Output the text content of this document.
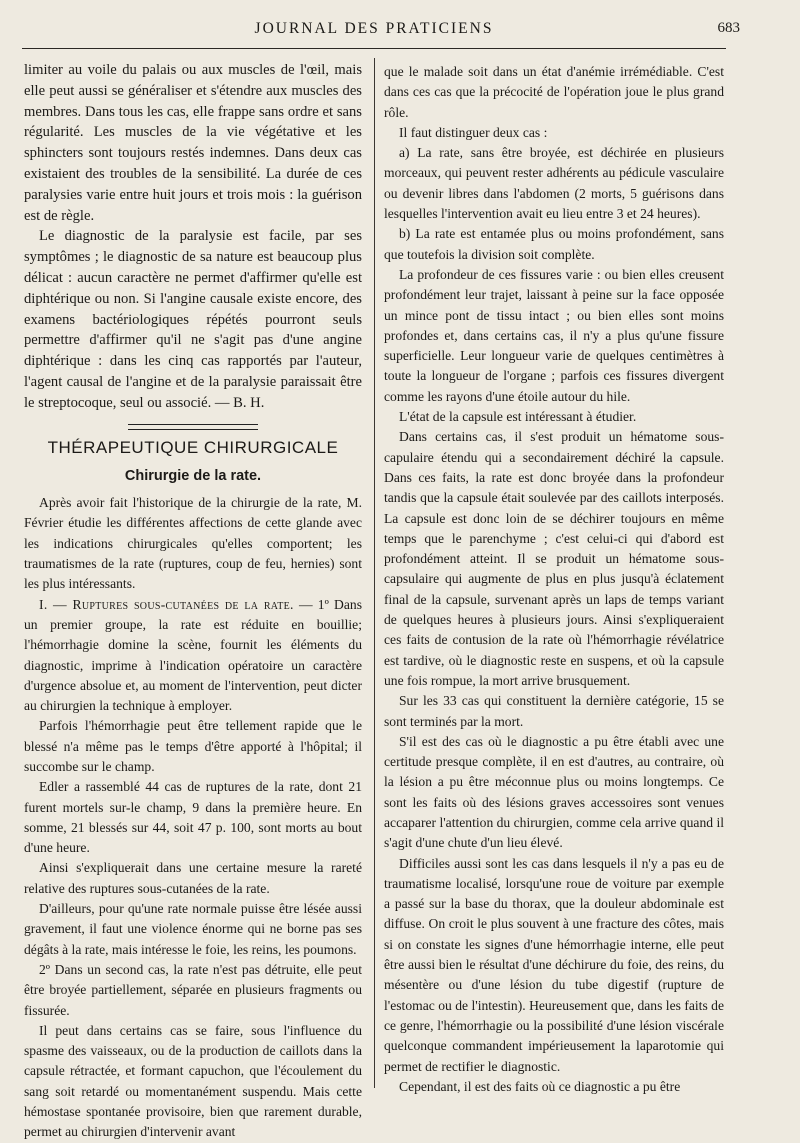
JOURNAL DES PRATICIENS	683

limiter au voile du palais ou aux muscles de l'œil, mais elle peut aussi se généraliser et s'étendre aux muscles des membres. Dans tous les cas, elle frappe sans ordre et sans régularité. Les muscles de la vie végétative et les sphincters sont toujours restés indemnes. Dans deux cas existaient des troubles de la sensibilité. La durée de ces paralysies varie entre huit jours et trois mois : la guérison est de règle.

Le diagnostic de la paralysie est facile, par ses symptômes ; le diagnostic de sa nature est beaucoup plus délicat : aucun caractère ne permet d'affirmer qu'elle est diphtérique ou non. Si l'angine causale existe encore, des examens bactériologiques répétés pourront seuls permettre d'affirmer qu'il ne s'agit pas d'une angine diphtérique : dans les cinq cas rapportés par l'auteur, l'agent causal de l'angine et de la paralysie paraissait être le streptocoque, seul ou associé. — B. H.

THÉRAPEUTIQUE CHIRURGICALE
Chirurgie de la rate.

Après avoir fait l'historique de la chirurgie de la rate, M. Février étudie les différentes affections de cette glande avec les indications chirurgicales qu'elles comportent; les traumatismes de la rate (ruptures, coup de feu, hernies) sont les plus intéressants.

I. — Ruptures sous-cutanées de la rate. — 1º Dans un premier groupe, la rate est réduite en bouillie; l'hémorrhagie domine la scène, fournit les éléments du diagnostic, imprime à l'indication opératoire un caractère d'urgence absolue et, au moment de l'intervention, peut dicter au chirurgien la technique à employer.

Parfois l'hémorrhagie peut être tellement rapide que le blessé n'a même pas le temps d'être apporté à l'hôpital; il succombe sur le champ.

Edler a rassemblé 44 cas de ruptures de la rate, dont 21 furent mortels sur-le champ, 9 dans la première heure. En somme, 21 blessés sur 44, soit 47 p. 100, sont morts au bout d'une heure.

Ainsi s'expliquerait dans une certaine mesure la rareté relative des ruptures sous-cutanées de la rate.

D'ailleurs, pour qu'une rate normale puisse être lésée aussi gravement, il faut une violence énorme qui ne borne pas ses dégâts à la rate, mais intéresse le foie, les reins, les poumons.

2º Dans un second cas, la rate n'est pas détruite, elle peut être broyée partiellement, séparée en plusieurs fragments ou fissurée.

Il peut dans certains cas se faire, sous l'influence du spasme des vaisseaux, ou de la production de caillots dans la capsule rétractée, et formant capuchon, que l'écoulement du sang soit retardé ou momentanément suspendu. Mais cette hémostase spontanée provisoire, bien que rarement durable, permet au chirurgien d'intervenir avant

que le malade soit dans un état d'anémie irrémédiable. C'est dans ces cas que la précocité de l'opération joue le plus grand rôle.

Il faut distinguer deux cas :

a) La rate, sans être broyée, est déchirée en plusieurs morceaux, qui peuvent rester adhérents au pédicule vasculaire ou devenir libres dans l'abdomen (2 morts, 5 guérisons dans lesquelles l'intervention avait eu lieu entre 3 et 24 heures).

b) La rate est entamée plus ou moins profondément, sans que toutefois la division soit complète.

La profondeur de ces fissures varie : ou bien elles creusent profondément leur trajet, laissant à peine sur la face opposée un mince pont de tissu intact ; ou bien elles sont moins profondes et, dans certains cas, il n'y a plus qu'une fissure superficielle. Leur longueur varie de quelques centimètres à toute la longueur de l'organe ; parfois ces fissures divergent comme les rayons d'une étoile autour du hile.

L'état de la capsule est intéressant à étudier.

Dans certains cas, il s'est produit un hématome sous-capulaire étendu qui a secondairement déchiré la capsule. Dans ces faits, la rate est donc broyée dans la profondeur tandis que la capsule était soulevée par des caillots interposés. La capsule est donc loin de se déchirer toujours en même temps que le parenchyme ; c'est celui-ci qui d'abord est profondément atteint. Il se produit un hématome sous-capsulaire qui augmente de plus en plus jusqu'à éclatement final de la capsule, survenant après un laps de temps variant de quelques heures à plusieurs jours. Ainsi s'expliqueraient ces faits de contusion de la rate où l'hémorrhagie révélatrice est tardive, où le diagnostic reste en suspens, et où la capsule une fois rompue, la mort arrive brusquement.

Sur les 33 cas qui constituent la dernière catégorie, 15 se sont terminés par la mort.

S'il est des cas où le diagnostic a pu être établi avec une certitude presque complète, il en est d'autres, au contraire, où la lésion a pu être méconnue plus ou moins longtemps. Ce sont les faits où des lésions graves accessoires sont venues accaparer l'attention du chirurgien, comme cela arrive quand il s'agit d'une chute d'un lieu élevé.

Difficiles aussi sont les cas dans lesquels il n'y a pas eu de traumatisme localisé, lorsqu'une roue de voiture par exemple a passé sur la base du thorax, que la douleur abdominale est diffuse. On croit le plus souvent à une fracture des côtes, mais si on constate les signes d'une hémorrhagie interne, elle peut être aussi bien le résultat d'une déchirure du foie, des reins, du mésentère ou d'une lésion du tube digestif (rupture de l'estomac ou de l'intestin). Heureusement que, dans les faits de ce genre, l'hémorrhagie ou la possibilité d'une lésion viscérale quelconque commandent impérieusement la laparotomie qui permet de rectifier le diagnostic.

Cependant, il est des faits où ce diagnostic a pu être
